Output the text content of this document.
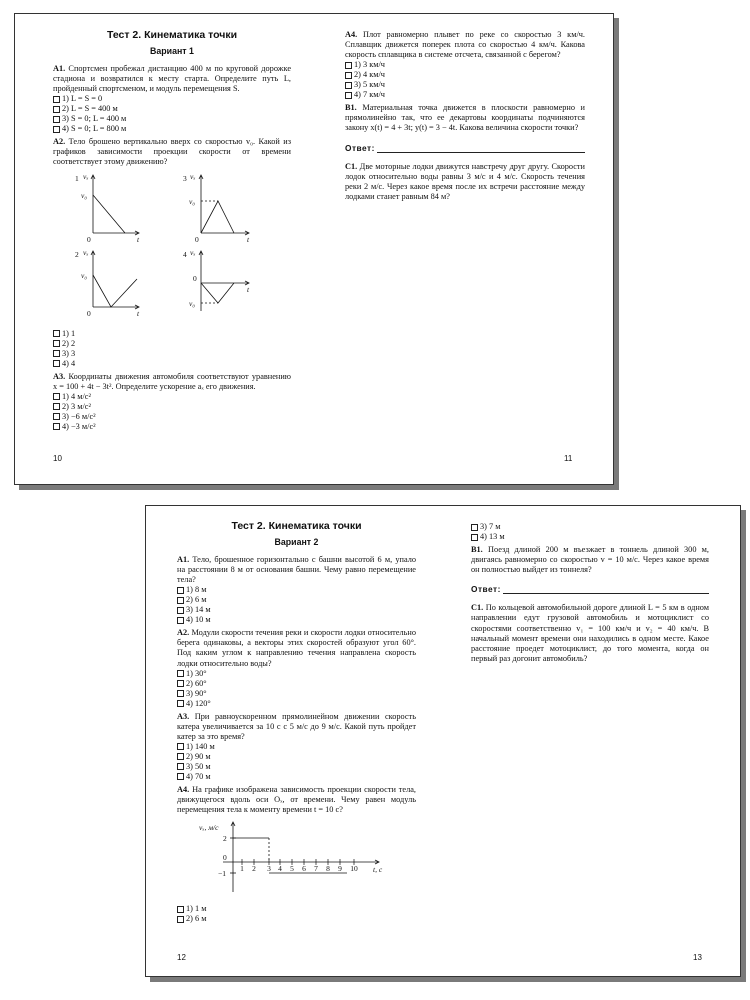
Тест 2. Кинематика точки
Вариант 1

А1. Спортсмен пробежал дистанцию 400 м по круговой дорожке стадиона и возвратился к месту старта. Определите путь L, пройденный спортсменом, и модуль перемещения S.

1) L = S = 0
2) L = S = 400 м
3) S = 0; L = 400 м
4) S = 0; L = 800 м

А2. Тело брошено вертикально вверх со скоростью v₀. Какой из графиков зависимости проекции скорости от времени соответствует этому движению?

1 vₓ
v₀
0	t
3 vₓ
v₀
0	t
2 vₓ
v₀
0	t
4 vₓ
0
v₀
t
1) 1
2) 2
3) 3
4) 4

А3. Координаты движения автомобиля соответствуют уравнению x = 100 + 4t − 3t². Определите ускорение aₓ его движения.

1) 4 м/с²
2) 3 м/с²
3) −6 м/с²
4) −3 м/с²
10

А4. Плот равномерно плывет по реке со скоростью 3 км/ч. Сплавщик движется поперек плота со скоростью 4 км/ч. Какова скорость сплавщика в системе отсчета, связанной с берегом?

1) 3 км/ч
2) 4 км/ч
3) 5 км/ч
4) 7 км/ч

В1. Материальная точка движется в плоскости равномерно и прямолинейно так, что ее декартовы координаты подчиняются закону x(t) = 4 + 3t; y(t) = 3 − 4t. Какова величина скорости точки?

Ответ:

С1. Две моторные лодки движутся навстречу друг другу. Скорости лодок относительно воды равны 3 м/с и 4 м/с. Скорость течения реки 2 м/с. Через какое время после их встречи расстояние между лодками станет равным 84 м?

11
Тест 2. Кинематика точки
Вариант 2

А1. Тело, брошенное горизонтально с башни высотой 6 м, упало на расстоянии 8 м от основания башни. Чему равно перемещение тела?

1) 8 м
2) 6 м
3) 14 м
4) 10 м

А2. Модули скорости течения реки и скорости лодки относительно берега одинаковы, а векторы этих скоростей образуют угол 60°. Под каким углом к направлению течения направлена скорость лодки относительно воды?

1) 30°
2) 60°
3) 90°
4) 120°

А3. При равноускоренном прямолинейном движении скорость катера увеличивается за 10 с с 5 м/с до 9 м/с. Какой путь пройдет катер за это время?

1) 140 м
2) 90 м
3) 50 м
4) 70 м

А4. На графике изображена зависимость проекции скорости тела, движущегося вдоль оси Oₓ, от времени. Чему равен модуль перемещения тела к моменту времени t = 10 с?

vₓ, м/с
2
0
−1	t, с
1 2 3 4 5 6 7 8 9 10
1) 1 м
2) 6 м
12
3) 7 м
4) 13 м

В1. Поезд длиной 200 м въезжает в тоннель длиной 300 м, двигаясь равномерно со скоростью v = 10 м/с. Через какое время он полностью выйдет из тоннеля?

Ответ:

С1. По кольцевой автомобильной дороге длиной L = 5 км в одном направлении едут грузовой автомобиль и мотоциклист со скоростями соответственно v₁ = 100 км/ч и v₂ = 40 км/ч. В начальный момент времени они находились в одном месте. Какое расстояние проедет мотоциклист, до того момента, когда он первый раз догонит автомобиль?

13
